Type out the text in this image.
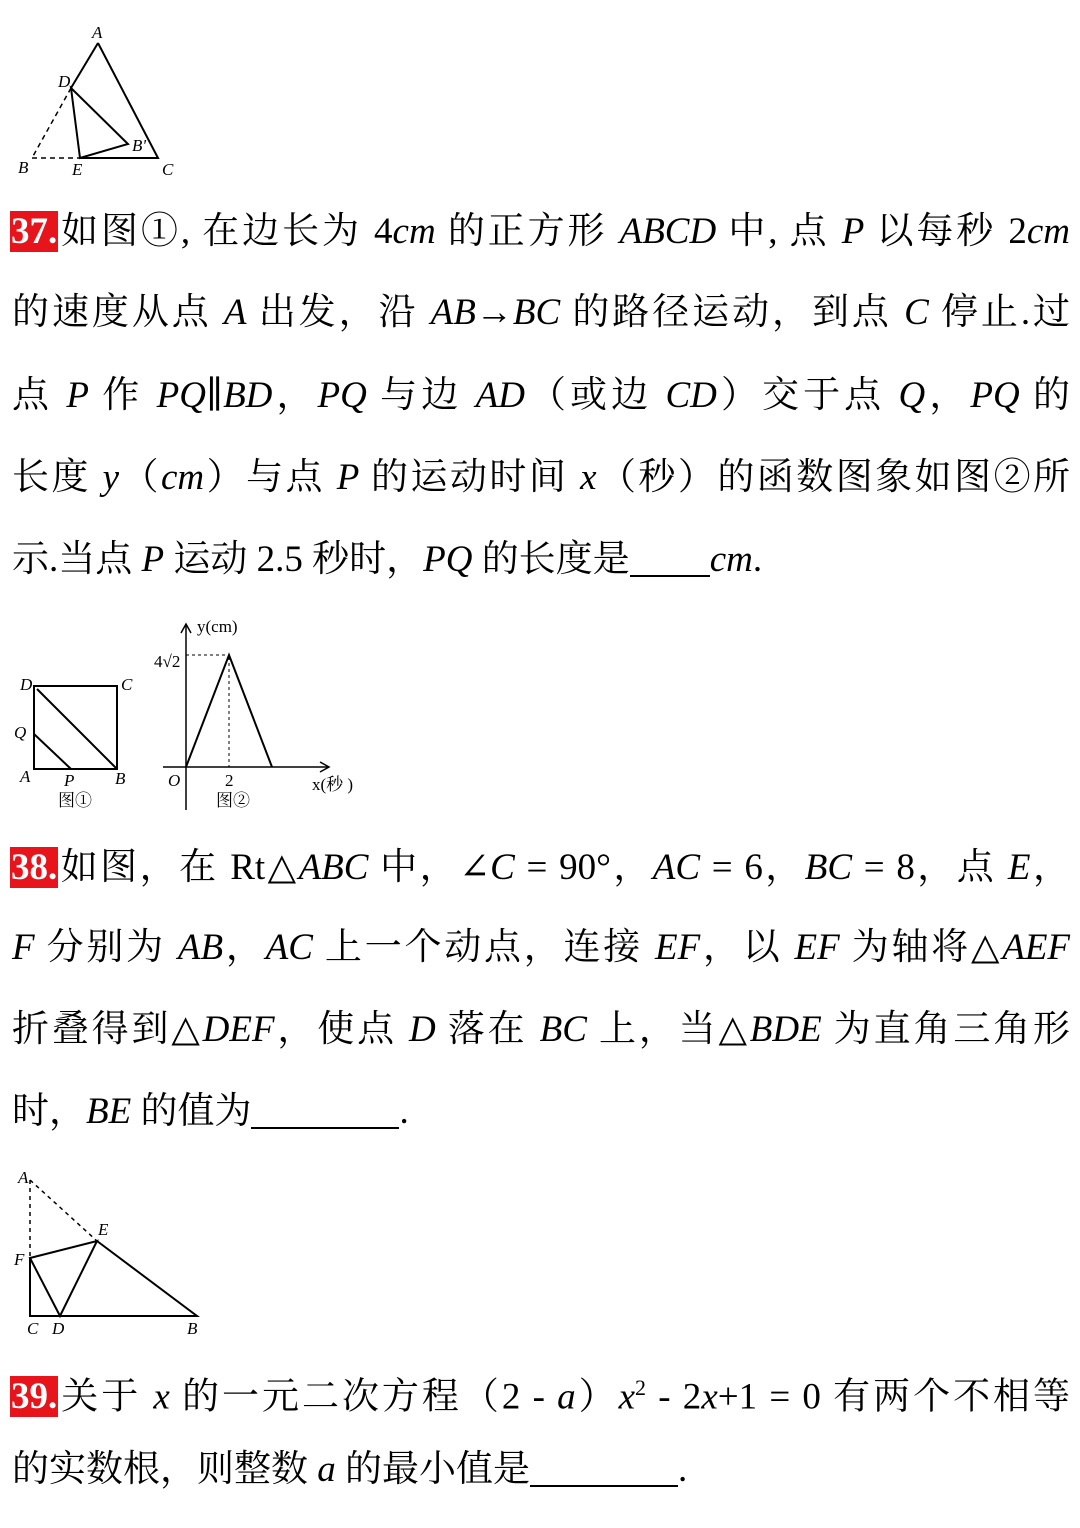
A
D
B'
B	E	C
37.如图①, 在边长为 4cm 的正方形 ABCD 中, 点 P 以每秒 2cm
的速度从点 A 出发，沿 AB→BC 的路径运动，到点 C 停止.过
点 P 作 PQ∥BD，PQ 与边 AD（或边 CD）交于点 Q，PQ 的
长度 y（cm）与点 P 的运动时间 x（秒）的函数图象如图②所
示.当点 P 运动 2.5 秒时，PQ 的长度是 cm.
D	C
Q
A P B
图①
y(cm)
4√2
O	2	x(秒 )
图②
38.如图，在 Rt△ABC 中，∠C = 90°，AC = 6，BC = 8，点 E，
F 分别为 AB，AC 上一个动点，连接 EF，以 EF 为轴将△AEF
折叠得到△DEF，使点 D 落在 BC 上，当△BDE 为直角三角形
时，BE 的值为	.
A
E
F
C D	B
39.关于 x 的一元二次方程$(2 - a)x^2 - 2x+1 = 0$ 有两个不相等
的实数根，则整数 a 的最小值是	.
